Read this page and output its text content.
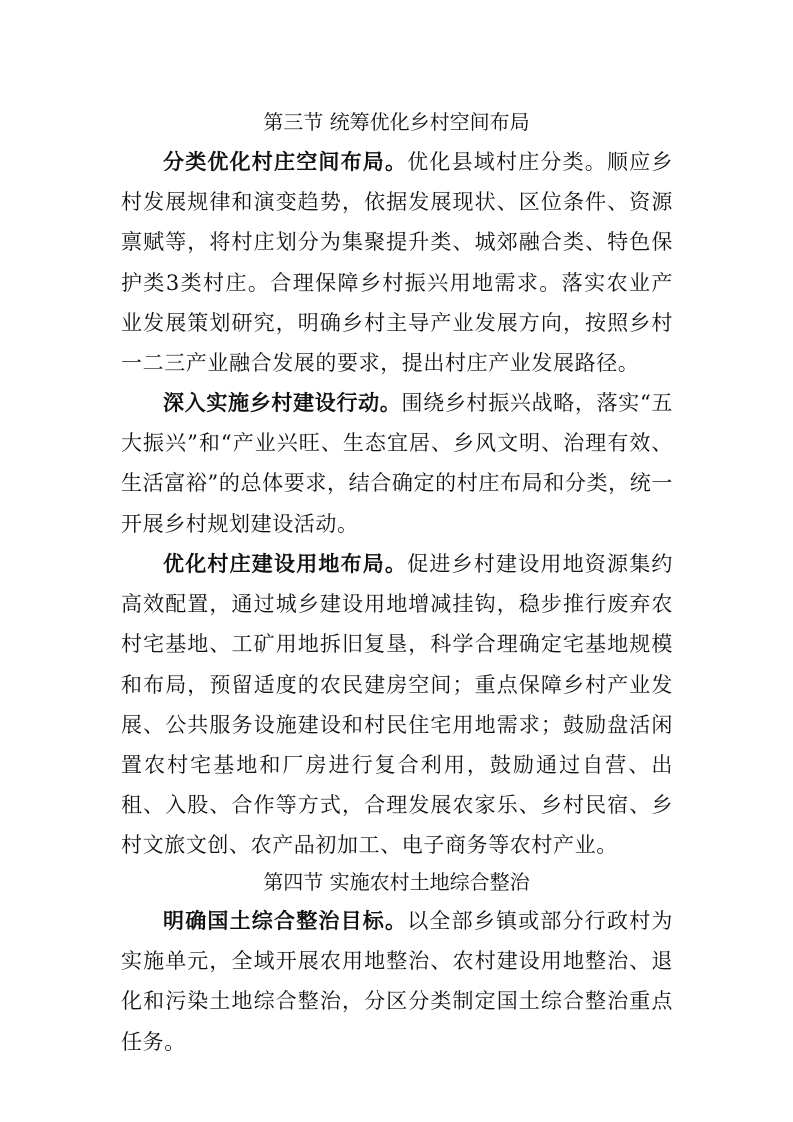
第三节 统筹优化乡村空间布局

分类优化村庄空间布局。优化县域村庄分类。顺应乡村发展规律和演变趋势，依据发展现状、区位条件、资源禀赋等，将村庄划分为集聚提升类、城郊融合类、特色保护类3类村庄。合理保障乡村振兴用地需求。落实农业产业发展策划研究，明确乡村主导产业发展方向，按照乡村一二三产业融合发展的要求，提出村庄产业发展路径。

深入实施乡村建设行动。围绕乡村振兴战略，落实“五大振兴”和“产业兴旺、生态宜居、乡风文明、治理有效、生活富裕”的总体要求，结合确定的村庄布局和分类，统一开展乡村规划建设活动。

优化村庄建设用地布局。促进乡村建设用地资源集约高效配置，通过城乡建设用地增减挂钩，稳步推行废弃农村宅基地、工矿用地拆旧复垦，科学合理确定宅基地规模和布局，预留适度的农民建房空间；重点保障乡村产业发展、公共服务设施建设和村民住宅用地需求；鼓励盘活闲置农村宅基地和厂房进行复合利用，鼓励通过自营、出租、入股、合作等方式，合理发展农家乐、乡村民宿、乡村文旅文创、农产品初加工、电子商务等农村产业。

第四节 实施农村土地综合整治

明确国土综合整治目标。以全部乡镇或部分行政村为实施单元，全域开展农用地整治、农村建设用地整治、退化和污染土地综合整治，分区分类制定国土综合整治重点任务。
